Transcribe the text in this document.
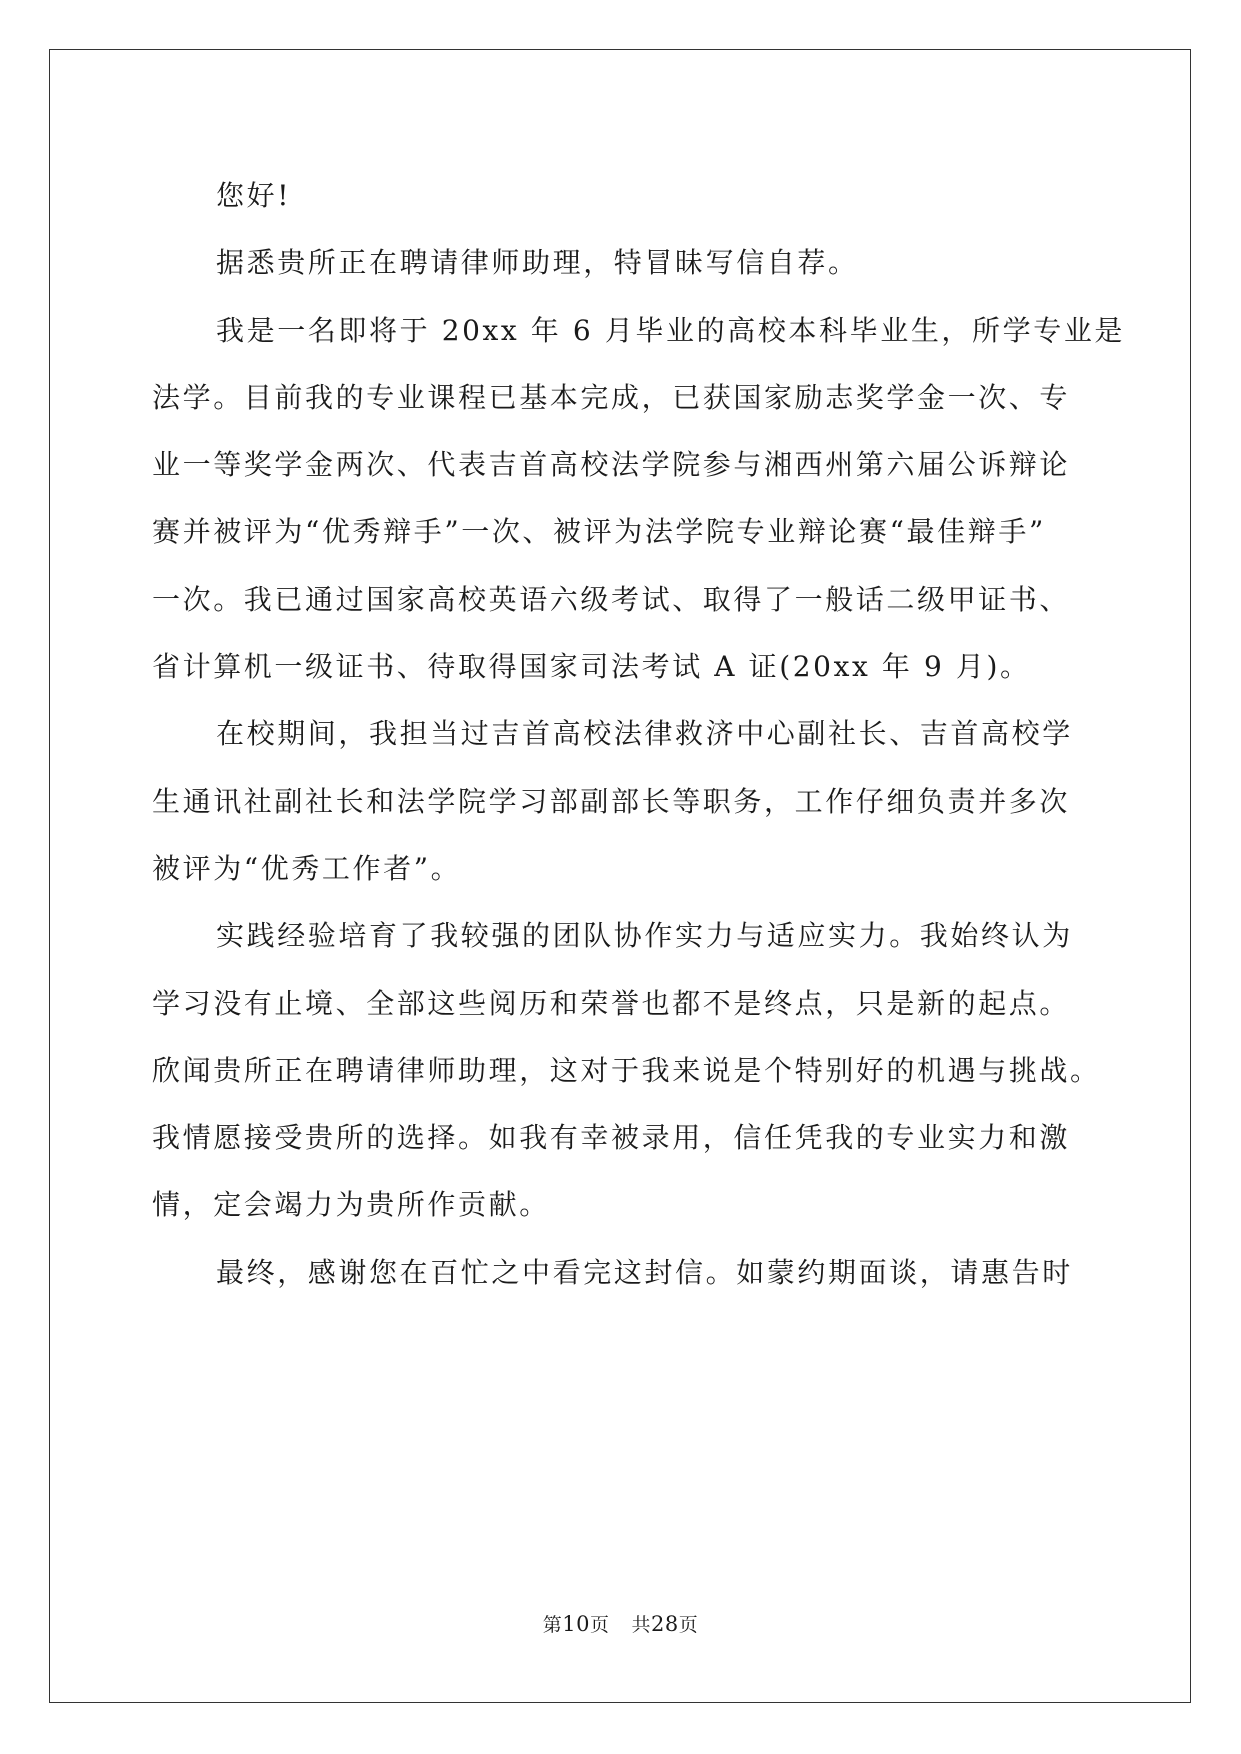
您好!
据悉贵所正在聘请律师助理，特冒昧写信自荐。
我是一名即将于 20xx 年 6 月毕业的高校本科毕业生，所学专业是
法学。目前我的专业课程已基本完成，已获国家励志奖学金一次、专
业一等奖学金两次、代表吉首高校法学院参与湘西州第六届公诉辩论
赛并被评为“优秀辩手”一次、被评为法学院专业辩论赛“最佳辩手”
一次。我已通过国家高校英语六级考试、取得了一般话二级甲证书、
省计算机一级证书、待取得国家司法考试 A 证(20xx 年 9 月)。
在校期间，我担当过吉首高校法律救济中心副社长、吉首高校学
生通讯社副社长和法学院学习部副部长等职务，工作仔细负责并多次
被评为“优秀工作者”。
实践经验培育了我较强的团队协作实力与适应实力。我始终认为
学习没有止境、全部这些阅历和荣誉也都不是终点，只是新的起点。
欣闻贵所正在聘请律师助理，这对于我来说是个特别好的机遇与挑战。
我情愿接受贵所的选择。如我有幸被录用，信任凭我的专业实力和激
情，定会竭力为贵所作贡献。
最终，感谢您在百忙之中看完这封信。如蒙约期面谈，请惠告时
第10页 共28页
